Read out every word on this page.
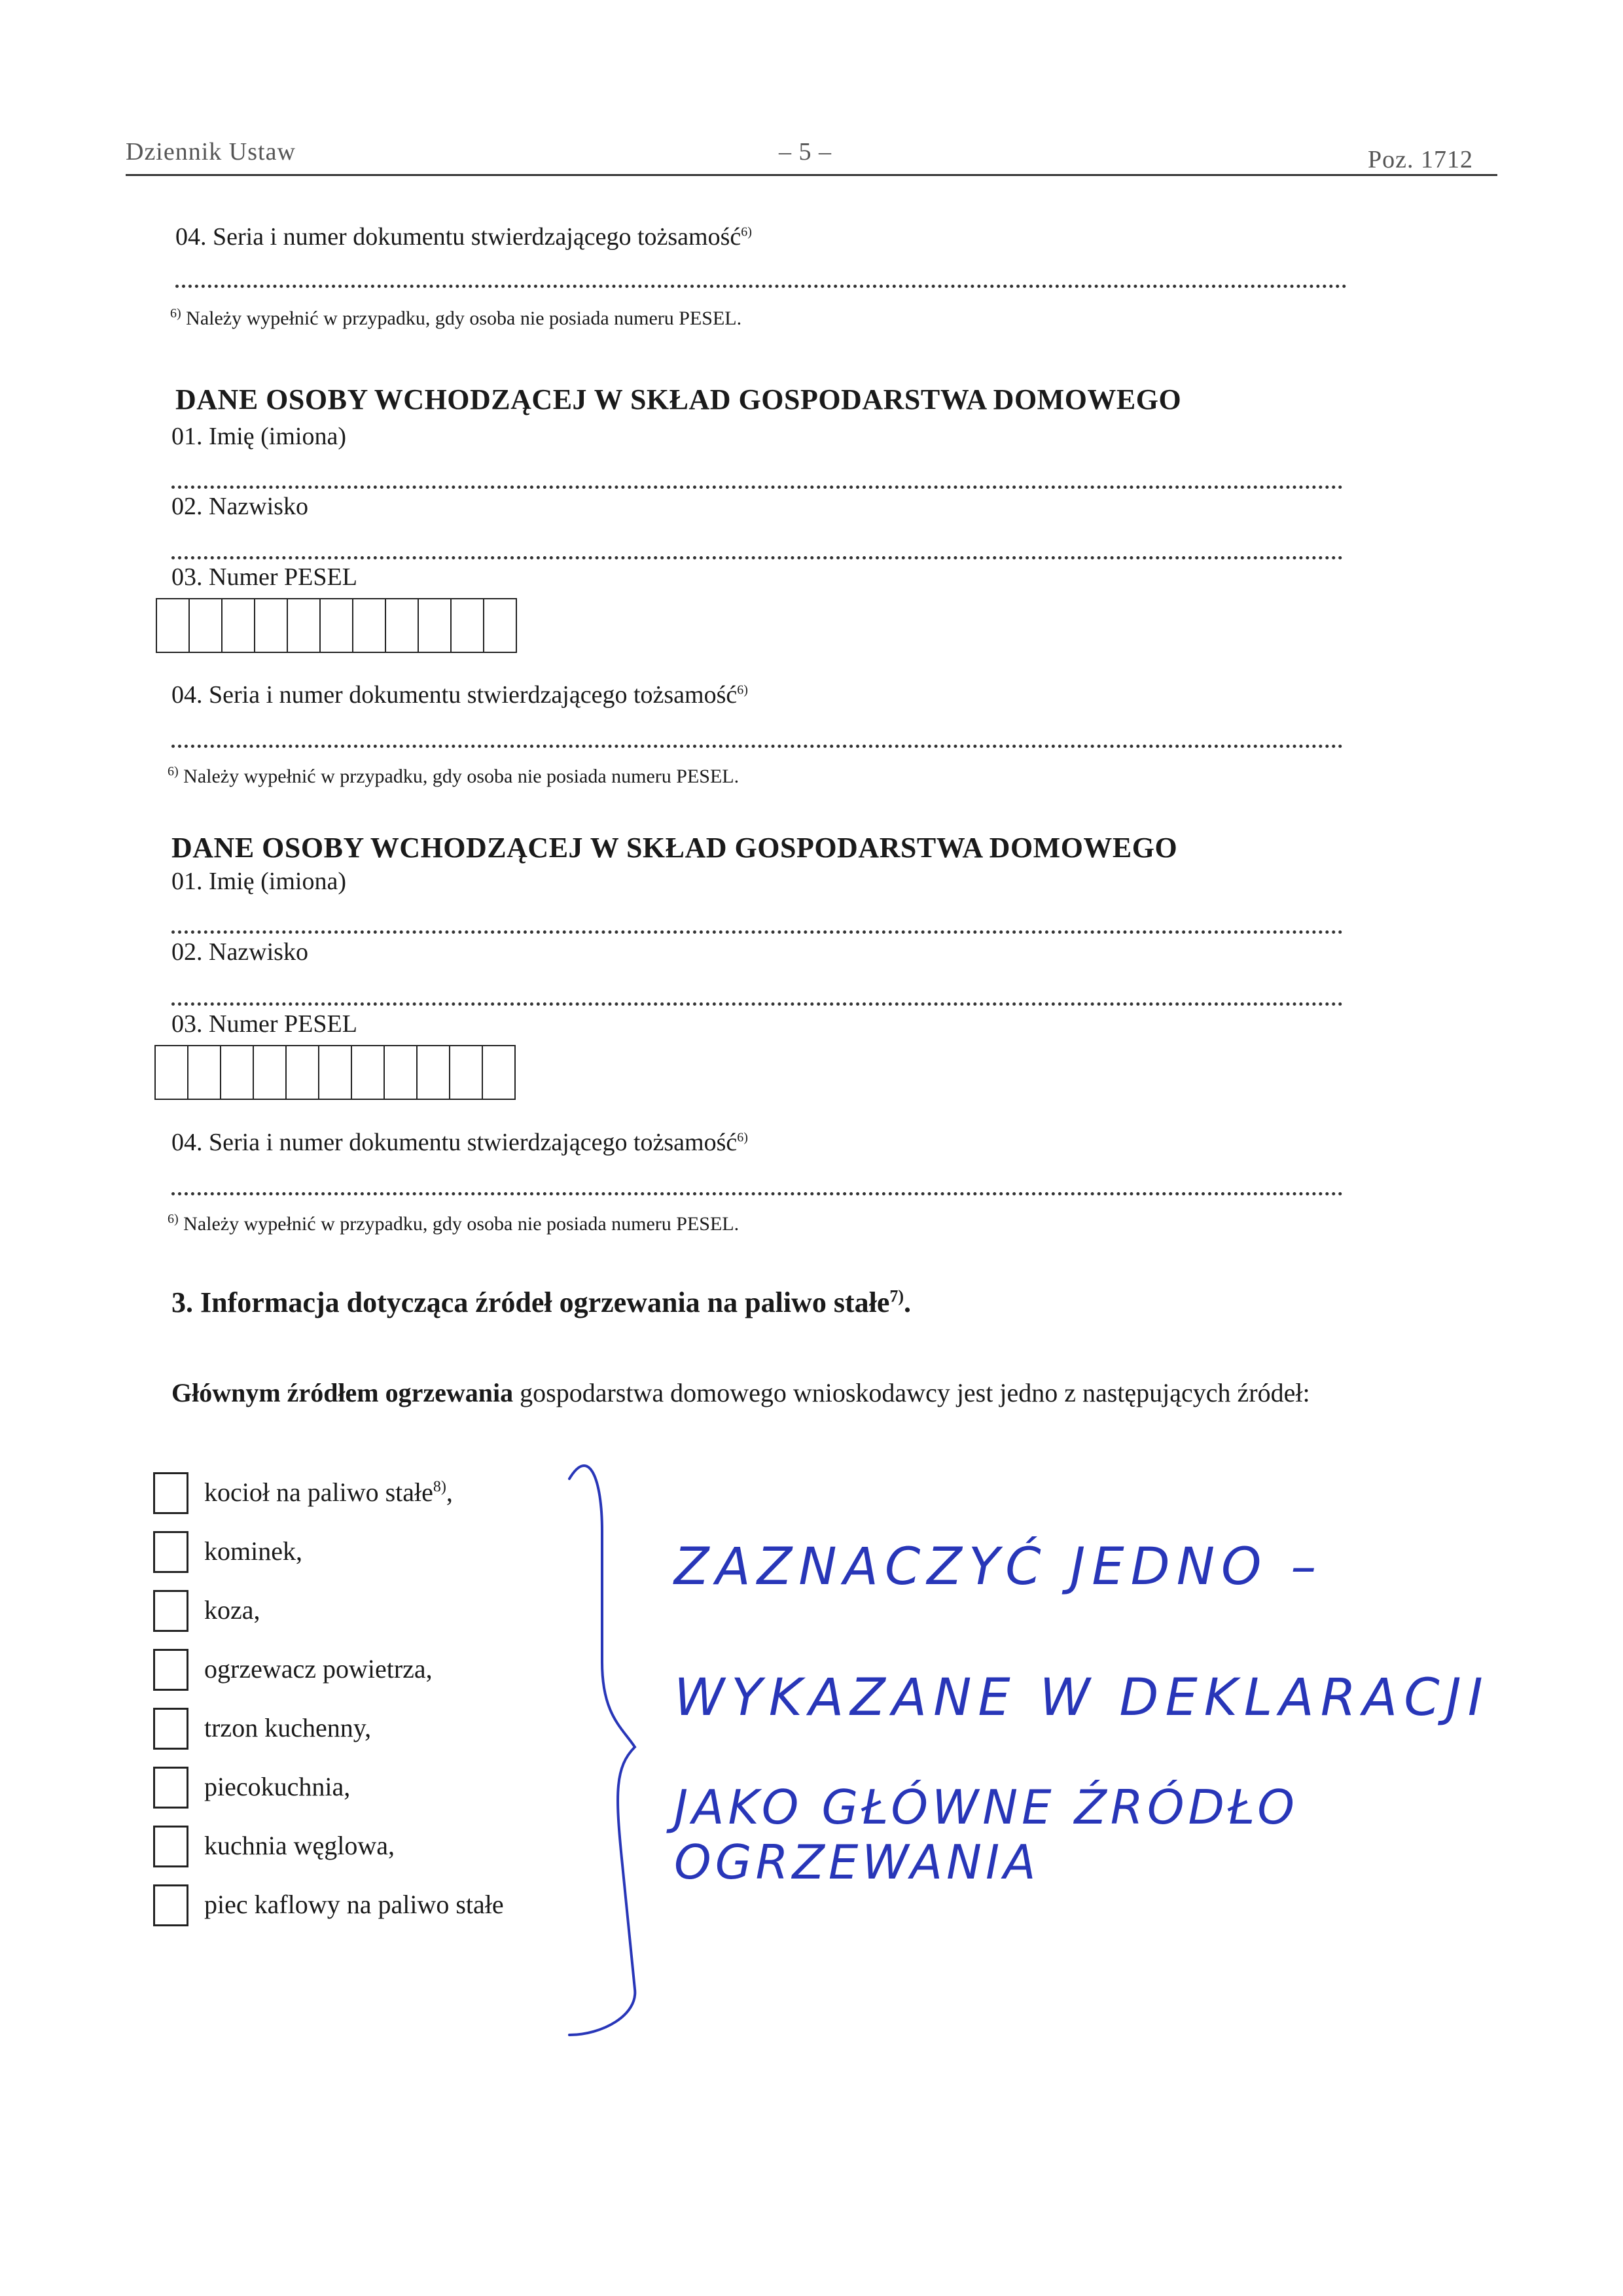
Dziennik Ustaw	– 5 –	Poz. 1712
04. Seria i numer dokumentu stwierdzającego tożsamość$^{6)}$
$^{6)}$ Należy wypełnić w przypadku, gdy osoba nie posiada numeru PESEL.
DANE OSOBY WCHODZĄCEJ W SKŁAD GOSPODARSTWA DOMOWEGO
01. Imię (imiona)
02. Nazwisko
03. Numer PESEL
04. Seria i numer dokumentu stwierdzającego tożsamość$^{6)}$
$^{6)}$ Należy wypełnić w przypadku, gdy osoba nie posiada numeru PESEL.
DANE OSOBY WCHODZĄCEJ W SKŁAD GOSPODARSTWA DOMOWEGO
01. Imię (imiona)
02. Nazwisko
03. Numer PESEL
04. Seria i numer dokumentu stwierdzającego tożsamość$^{6)}$
$^{6)}$ Należy wypełnić w przypadku, gdy osoba nie posiada numeru PESEL.
3. Informacja dotycząca źródeł ogrzewania na paliwo stałe$^{7)}$.
Głównym źródłem ogrzewania gospodarstwa domowego wnioskodawcy jest jedno z następujących źródeł:
kocioł na paliwo stałe$^{8)}$,
kominek,
koza,
ogrzewacz powietrza,
trzon kuchenny,
piecokuchnia,
kuchnia węglowa,
piec kaflowy na paliwo stałe
ZAZNACZYĆ JEDNO –
WYKAZANE W DEKLARACJI
JAKO GŁÓWNE ŹRÓDŁO OGRZEWANIA
